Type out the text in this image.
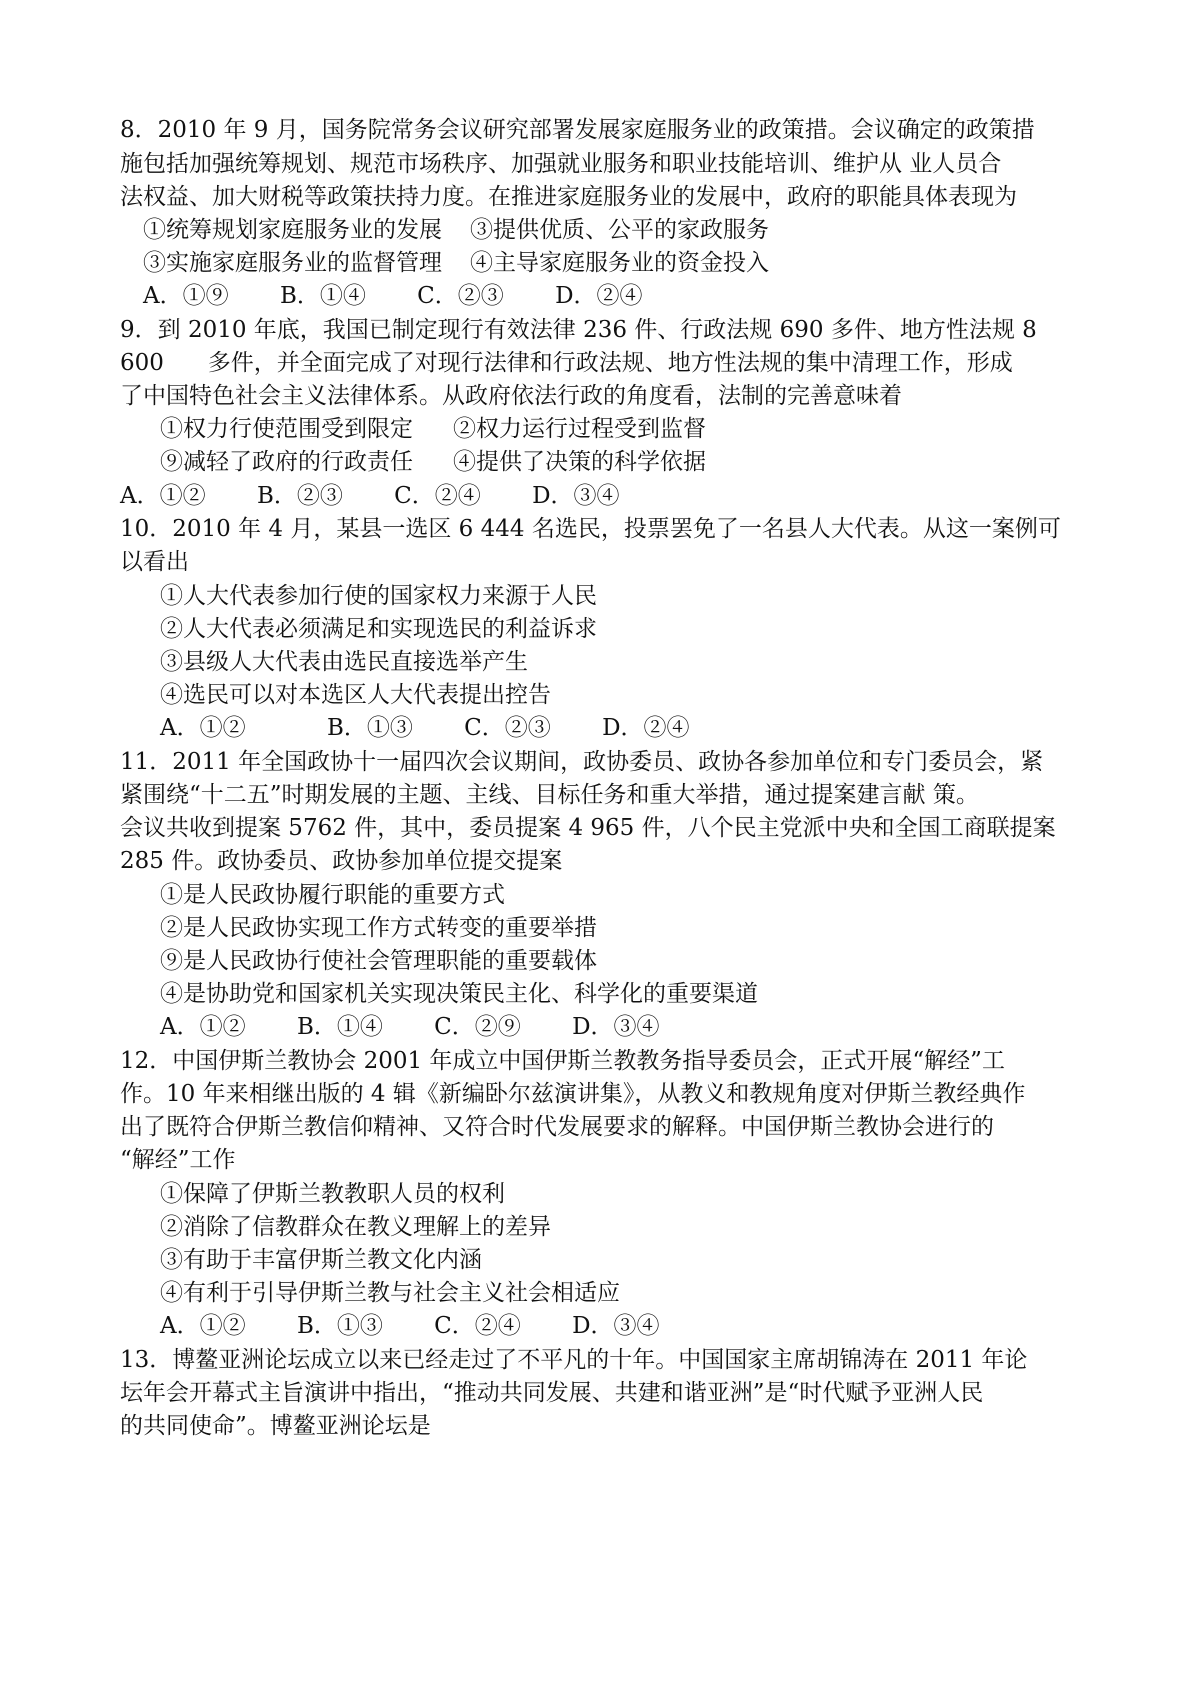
8．2010 年 9 月，国务院常务会议研究部署发展家庭服务业的政策措。会议确定的政策措
施包括加强统筹规划、规范市场秩序、加强就业服务和职业技能培训、维护从 业人员合
法权益、加大财税等政策扶持力度。在推进家庭服务业的发展中，政府的职能具体表现为
①统筹规划家庭服务业的发展 ③提供优质、公平的家政服务
③实施家庭服务业的监督管理 ④主导家庭服务业的资金投入
A．①⑨ B．①④ C．②③ D．②④
9．到 2010 年底，我国已制定现行有效法律 236 件、行政法规 690 多件、地方性法规 8
600      多件，并全面完成了对现行法律和行政法规、地方性法规的集中清理工作，形成
了中国特色社会主义法律体系。从政府依法行政的角度看，法制的完善意味着
①权力行使范围受到限定 ②权力运行过程受到监督
⑨减轻了政府的行政责任 ④提供了决策的科学依据
A．①② B．②③ C．②④ D．③④
10．2010 年 4 月，某县一选区 6 444 名选民，投票罢免了一名县人大代表。从这一案例可
以看出
①人大代表参加行使的国家权力来源于人民
②人大代表必须满足和实现选民的利益诉求
③县级人大代表由选民直接选举产生
④选民可以对本选区人大代表提出控告
A．①②	B．①③ C．②③ D．②④
11．2011 年全国政协十一届四次会议期间，政协委员、政协各参加单位和专门委员会，紧
紧围绕“十二五”时期发展的主题、主线、目标任务和重大举措，通过提案建言献 策。
会议共收到提案 5762 件，其中，委员提案 4 965 件，八个民主党派中央和全国工商联提案
285 件。政协委员、政协参加单位提交提案
①是人民政协履行职能的重要方式
②是人民政协实现工作方式转变的重要举措
⑨是人民政协行使社会管理职能的重要载体
④是协助党和国家机关实现决策民主化、科学化的重要渠道
A．①② B．①④ C．②⑨ D．③④
12．中国伊斯兰教协会 2001 年成立中国伊斯兰教教务指导委员会，正式开展“解经”工
作。10 年来相继出版的 4 辑《新编卧尔兹演讲集》，从教义和教规角度对伊斯兰教经典作
出了既符合伊斯兰教信仰精神、又符合时代发展要求的解释。中国伊斯兰教协会进行的
“解经”工作
①保障了伊斯兰教教职人员的权利
②消除了信教群众在教义理解上的差异
③有助于丰富伊斯兰教文化内涵
④有利于引导伊斯兰教与社会主义社会相适应
A．①② B．①③ C．②④ D．③④
13．博鳌亚洲论坛成立以来已经走过了不平凡的十年。中国国家主席胡锦涛在 2011 年论
坛年会开幕式主旨演讲中指出，“推动共同发展、共建和谐亚洲”是“时代赋予亚洲人民
的共同使命”。博鳌亚洲论坛是
